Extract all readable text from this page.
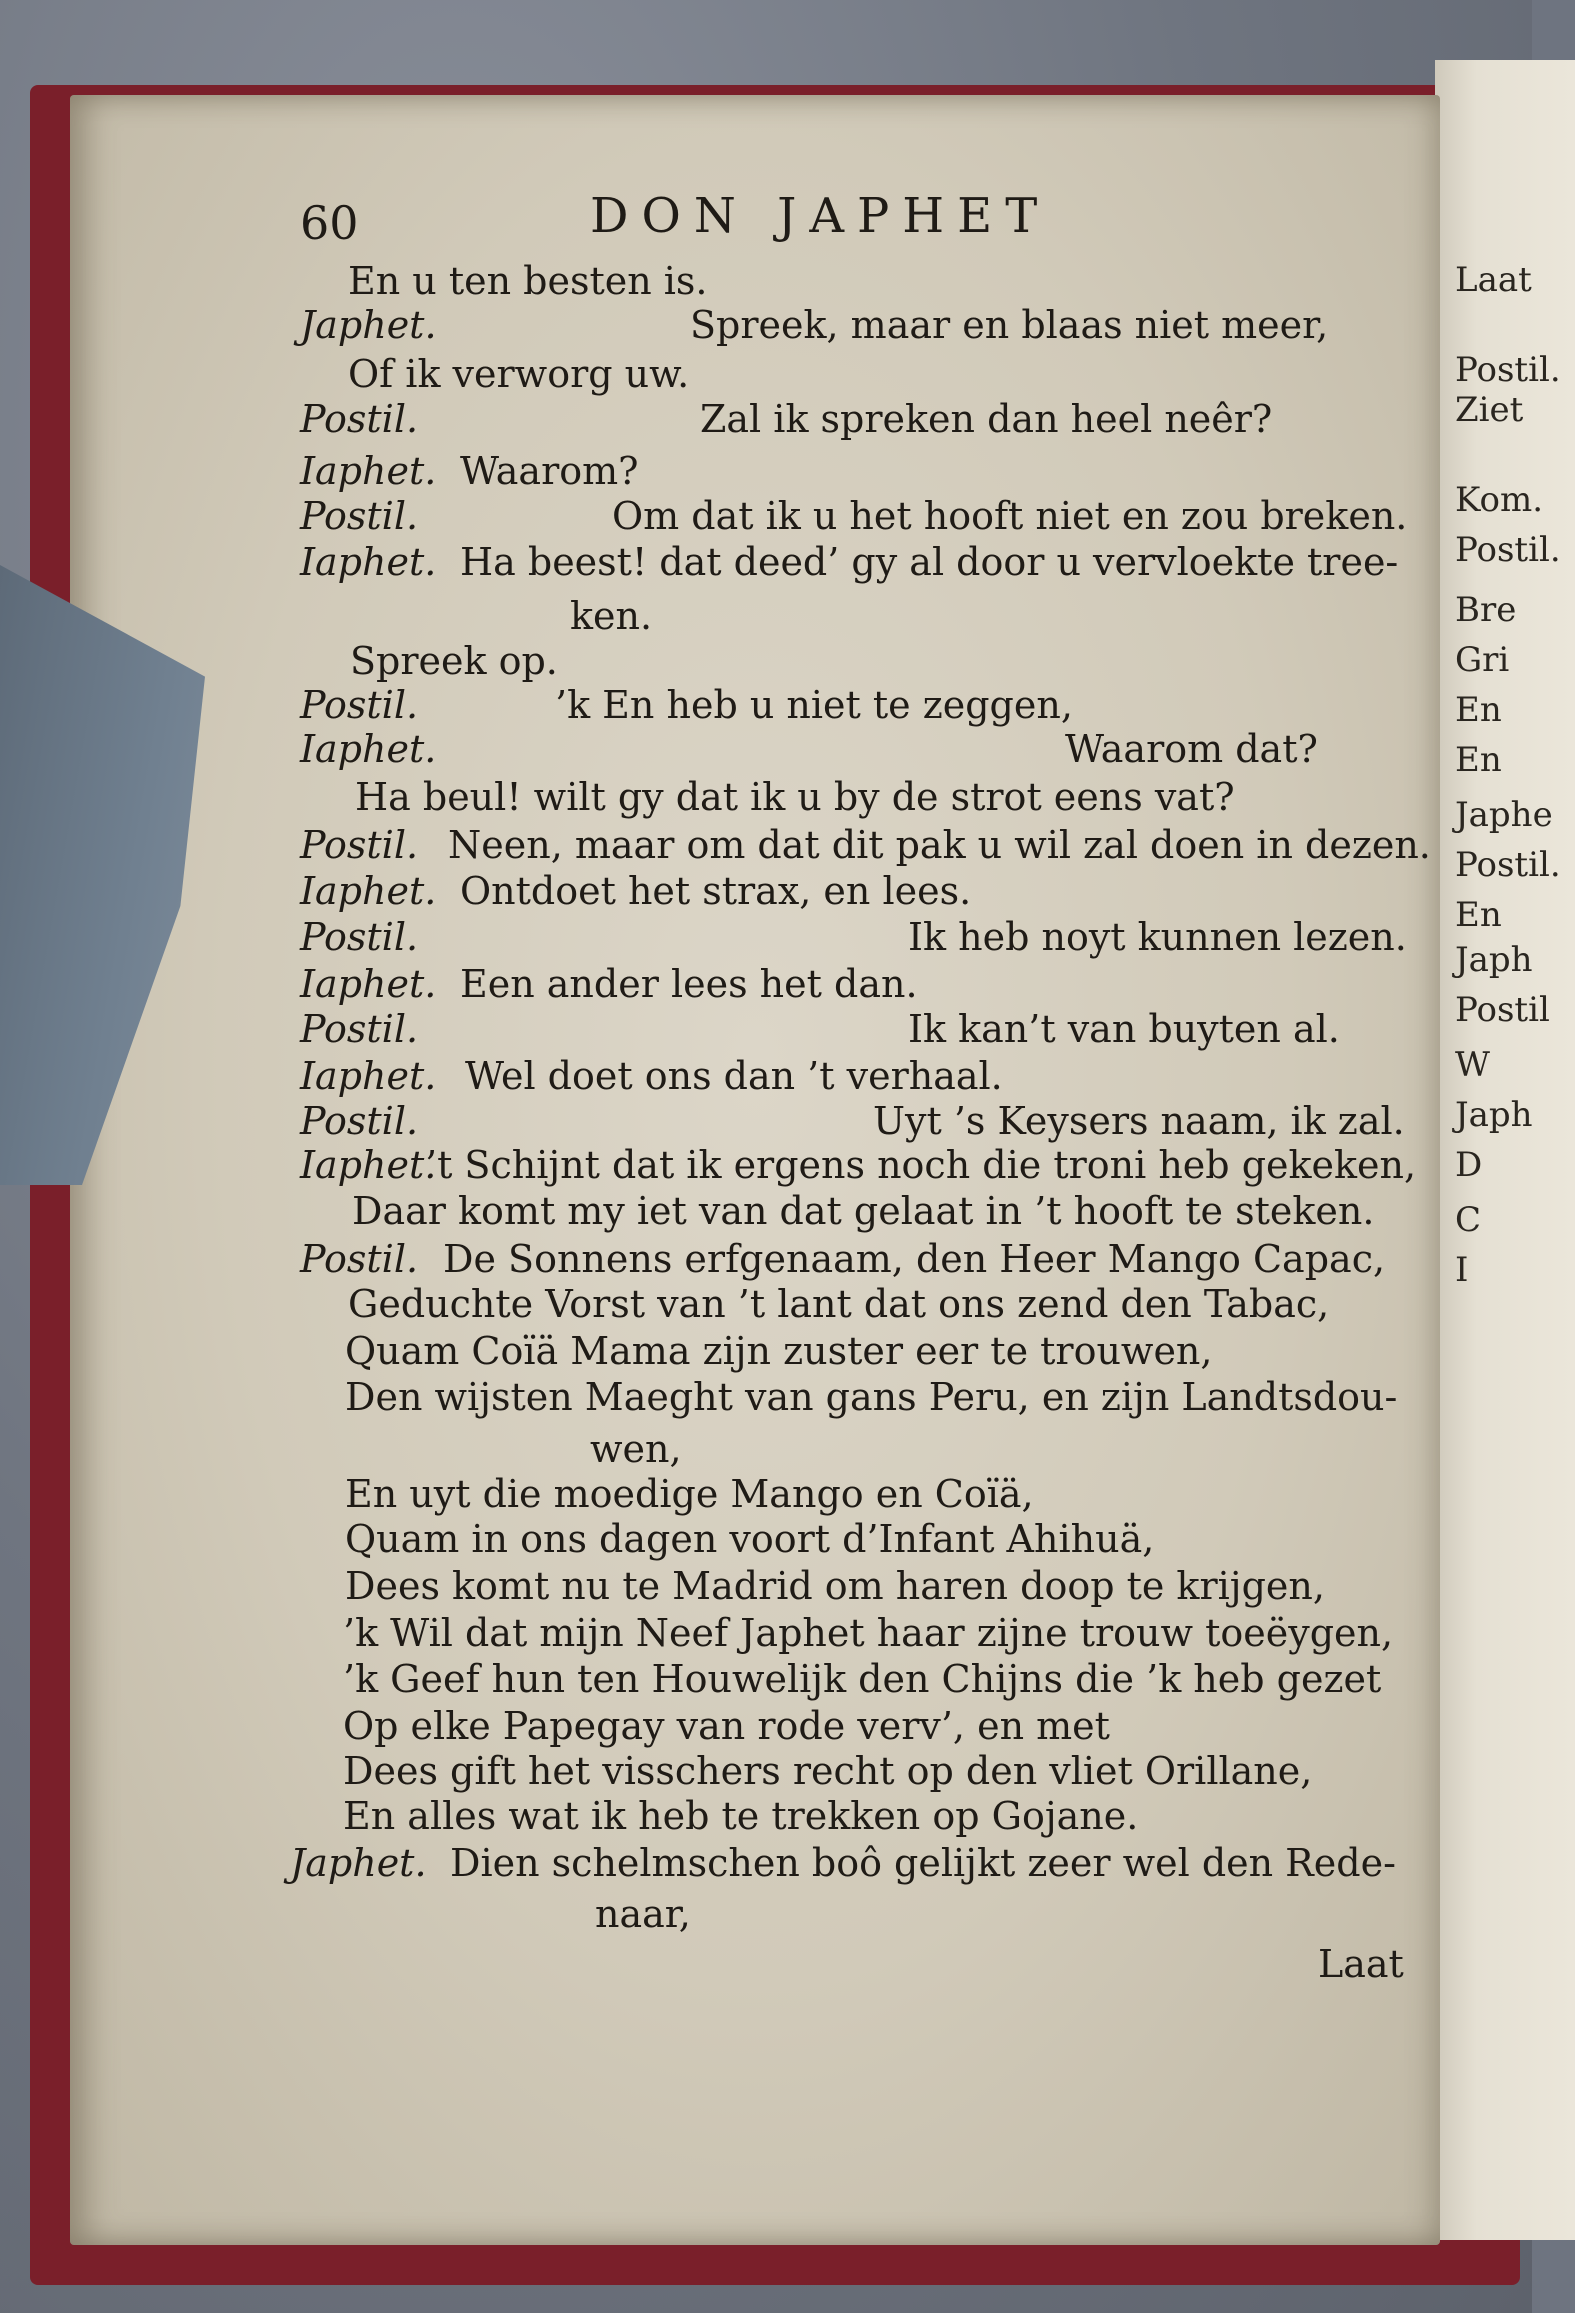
Laat
Postil.
Ziet
Kom.
Postil.
Bre
Gri
En
En
Japhe
Postil.
En
Japh
Postil
W
Japh
D
C
I
60	DON JAPHET
En u ten besten is.
Japhet.	Spreek, maar en blaas niet meer,
Of ik verworg uw.
Postil.	Zal ik spreken dan heel neêr?
Iaphet. Waarom?
Postil.	Om dat ik u het hooft niet en zou breken.
Iaphet. Ha beest! dat deed’ gy al door u vervloekte tree-
ken.
Spreek op.
Postil.	’k En heb u niet te zeggen,
Iaphet.	Waarom dat?
Ha beul! wilt gy dat ik u by de strot eens vat?
Postil. Neen, maar om dat dit pak u wil zal doen in dezen.
Iaphet. Ontdoet het strax, en lees.
Postil.	Ik heb noyt kunnen lezen.
Iaphet. Een ander lees het dan.
Postil.	Ik kan’t van buyten al.
Iaphet. Wel doet ons dan ’t verhaal.
Postil.	Uyt ’s Keysers naam, ik zal.
Iaphet.
’t Schijnt dat ik ergens noch die troni heb gekeken,
Daar komt my iet van dat gelaat in ’t hooft te steken.
Postil. De Sonnens erfgenaam, den Heer Mango Capac,
Geduchte Vorst van ’t lant dat ons zend den Tabac,
Quam Coïä Mama zijn zuster eer te trouwen,
Den wijsten Maeght van gans Peru, en zijn Landtsdou-
wen,
En uyt die moedige Mango en Coïä,
Quam in ons dagen voort d’Infant Ahihuä,
Dees komt nu te Madrid om haren doop te krijgen,
’k Wil dat mijn Neef Japhet haar zijne trouw toeëygen,
’k Geef hun ten Houwelijk den Chijns die ’k heb gezet
Op elke Papegay van rode verv’, en met
Dees gift het visschers recht op den vliet Orillane,
En alles wat ik heb te trekken op Gojane.
Japhet. Dien schelmschen boô gelijkt zeer wel den Rede-
naar,
Laat
